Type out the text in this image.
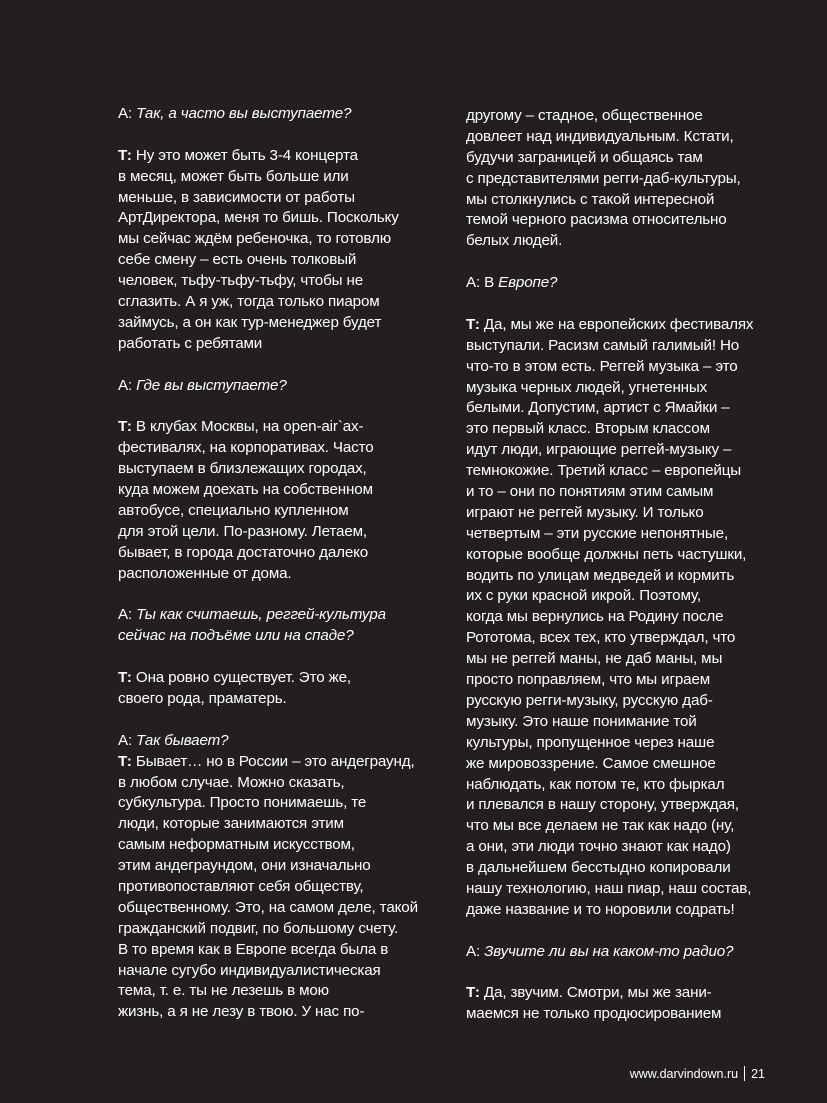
A: Так, а часто вы выступаете?
Т: Ну это может быть 3-4 концерта
в месяц, может быть больше или
меньше, в зависимости от работы
АртДиректора, меня то бишь. Поскольку
мы сейчас ждём ребеночка, то готовлю
себе смену – есть очень толковый
человек, тьфу-тьфу-тьфу, чтобы не
сглазить. А я уж, тогда только пиаром
займусь, а он как тур-менеджер будет
работать с ребятами
A: Где вы выступаете?
Т: В клубах Москвы, на open-air`ах-
фестивалях, на корпоративах. Часто
выступаем в близлежащих городах,
куда можем доехать на собственном
автобусе, специально купленном
для этой цели. По-разному. Летаем,
бывает, в города достаточно далеко
расположенные от дома.
A: Ты как считаешь, реггей-культура
сейчас на подъёме или на спаде?
Т: Она ровно существует. Это же,
своего рода, праматерь.
A: Так бывает?
Т: Бывает… но в России – это андеграунд,
в любом случае. Можно сказать,
субкультура. Просто понимаешь, те
люди, которые занимаются этим
самым неформатным искусством,
этим андеграундом, они изначально
противопоставляют себя обществу,
общественному. Это, на самом деле, такой
гражданский подвиг, по большому счету.
В то время как в Европе всегда была в
начале сугубо индивидуалистическая
тема, т. е. ты не лезешь в мою
жизнь, а я не лезу в твою. У нас по-
другому – стадное, общественное
довлеет над индивидуальным. Кстати,
будучи заграницей и общаясь там
с представителями регги-даб-культуры,
мы столкнулись с такой интересной
темой черного расизма относительно
белых людей.
А: В Европе?
Т: Да, мы же на европейских фестивалях
выступали. Расизм самый галимый! Но
что-то в этом есть. Реггей музыка – это
музыка черных людей, угнетенных
белыми. Допустим, артист с Ямайки –
это первый класс. Вторым классом
идут люди, играющие реггей-музыку –
темнокожие. Третий класс – европейцы
и то – они по понятиям этим самым
играют не реггей музыку. И только
четвертым – эти русские непонятные,
которые вообще должны петь частушки,
водить по улицам медведей и кормить
их с руки красной икрой. Поэтому,
когда мы вернулись на Родину после
Рототома, всех тех, кто утверждал, что
мы не реггей маны, не даб маны, мы
просто поправляем, что мы играем
русскую регги-музыку, русскую даб-
музыку. Это наше понимание той
культуры, пропущенное через наше
же мировоззрение. Самое смешное
наблюдать, как потом те, кто фыркал
и плевался в нашу сторону, утверждая,
что мы все делаем не так как надо (ну,
а они, эти люди точно знают как надо)
в дальнейшем бесстыдно копировали
нашу технологию, наш пиар, наш состав,
даже название и то норовили содрать!
А: Звучите ли вы на каком-то радио?
Т: Да, звучим. Смотри, мы же зани-
маемся не только продюсированием
www.darvindown.ru 21
